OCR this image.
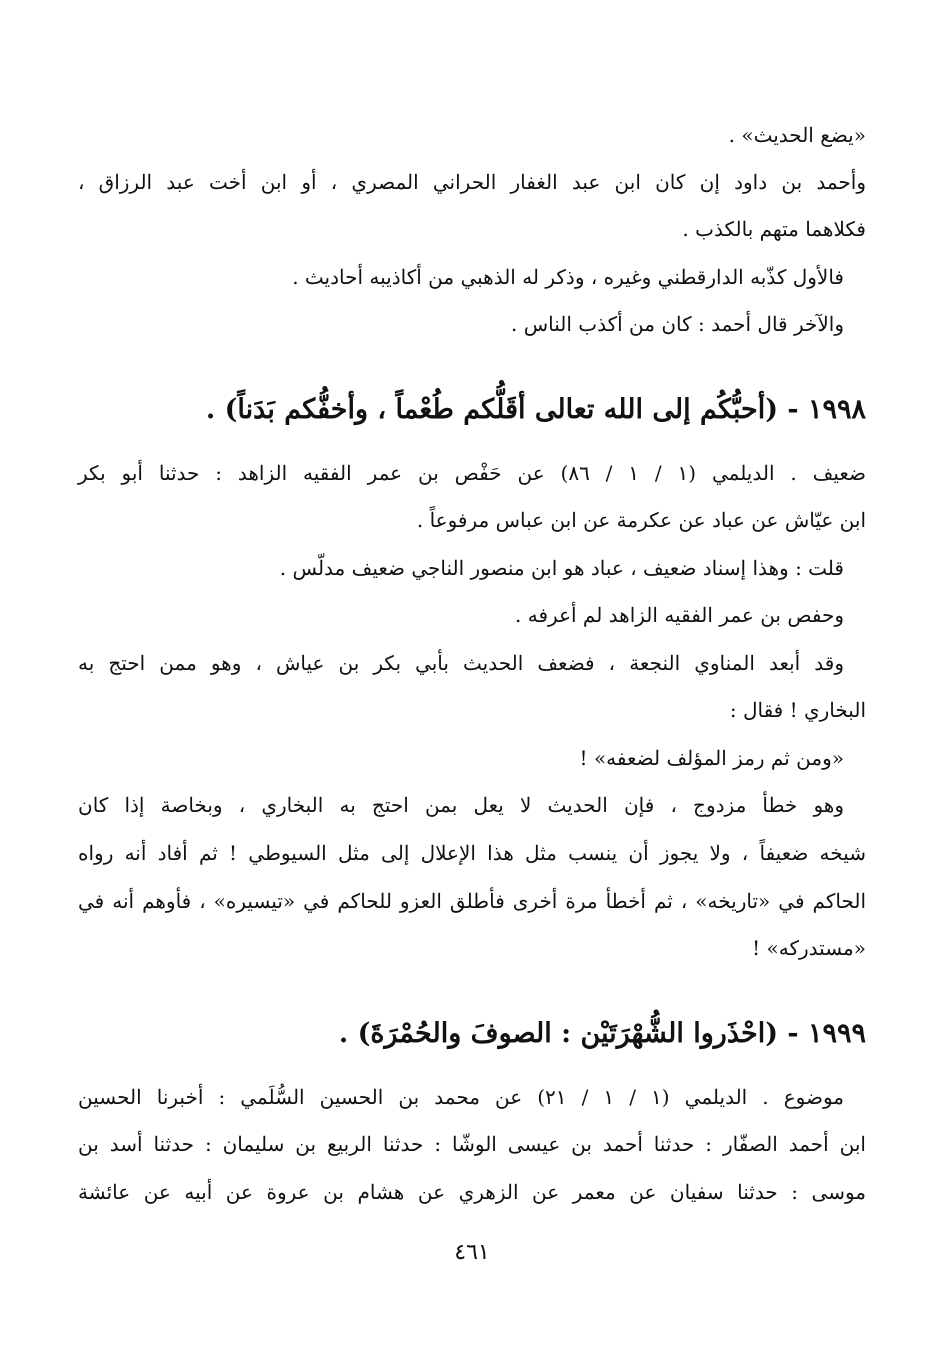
«يضع الحديث» .
وأحمد بن داود إن كان ابن عبد الغفار الحراني المصري ، أو ابن أخت عبد الرزاق ،
فكلاهما متهم بالكذب .
فالأول كذّبه الدارقطني وغيره ، وذكر له الذهبي من أكاذيبه أحاديث .
والآخر قال أحمد : كان من أكذب الناس .
١٩٩٨ - (أحبُّكُم إلى الله تعالى أقَلُّكم طُعْماً ، وأخفُّكم بَدَناً) .
ضعيف . الديلمي (١ / ١ / ٨٦) عن حَفْص بن عمر الفقيه الزاهد : حدثنا أبو بكر
ابن عيّاش عن عباد عن عكرمة عن ابن عباس مرفوعاً .
قلت : وهذا إسناد ضعيف ، عباد هو ابن منصور الناجي ضعيف مدلّس .
وحفص بن عمر الفقيه الزاهد لم أعرفه .
وقد أبعد المناوي النجعة ، فضعف الحديث بأبي بكر بن عياش ، وهو ممن احتج به
البخاري ! فقال :
«ومن ثم رمز المؤلف لضعفه» !
وهو خطأ مزدوج ، فإن الحديث لا يعل بمن احتج به البخاري ، وبخاصة إذا كان
شيخه ضعيفاً ، ولا يجوز أن ينسب مثل هذا الإعلال إلى مثل السيوطي ! ثم أفاد أنه رواه
الحاكم في «تاريخه» ، ثم أخطأ مرة أخرى فأطلق العزو للحاكم في «تيسيره» ، فأوهم أنه في
«مستدركه» !
١٩٩٩ - (احْذَروا الشُّهْرَتَيْن : الصوفَ والحُمْرَةَ) .
موضوع . الديلمي (١ / ١ / ٢١) عن محمد بن الحسين السُّلَمي : أخبرنا الحسين
ابن أحمد الصفّار : حدثنا أحمد بن عيسى الوشّا : حدثنا الربيع بن سليمان : حدثنا أسد بن
موسى : حدثنا سفيان عن معمر عن الزهري عن هشام بن عروة عن أبيه عن عائشة
٤٦١
